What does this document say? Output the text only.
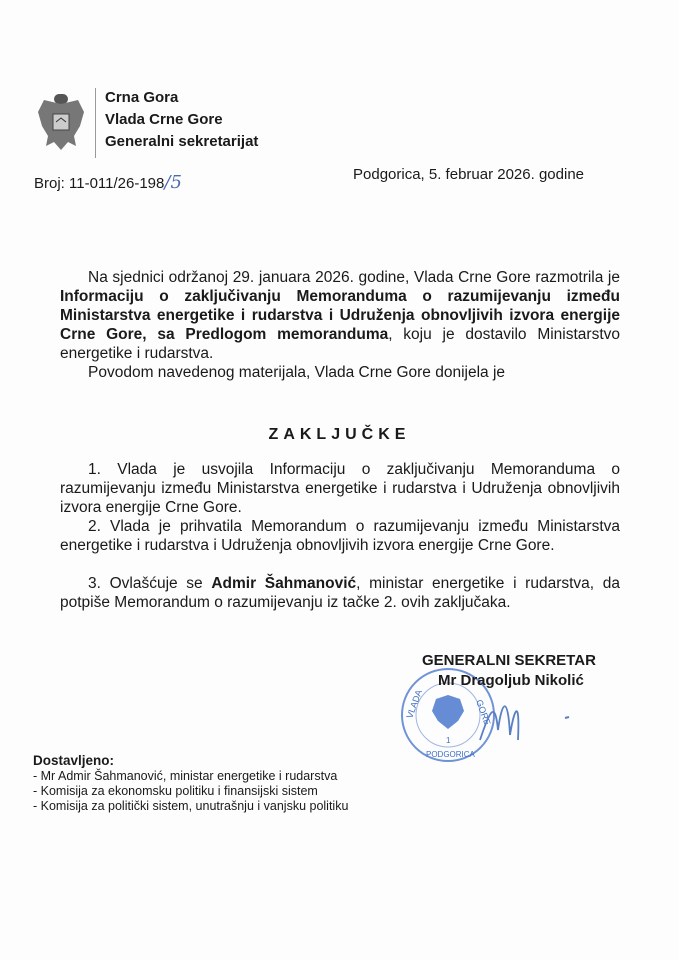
Crna Gora
Vlada Crne Gore
Generalni sekretarijat
Broj: 11-011/26-198/5	Podgorica, 5. februar 2026. godine
Na sjednici održanoj 29. januara 2026. godine, Vlada Crne Gore razmotrila je Informaciju o zaključivanju Memoranduma o razumijevanju između Ministarstva energetike i rudarstva i Udruženja obnovljivih izvora energije Crne Gore, sa Predlogom memoranduma, koju je dostavilo Ministarstvo energetike i rudarstva.
Povodom navedenog materijala, Vlada Crne Gore donijela je
ZAKLJUČKE
1. Vlada je usvojila Informaciju o zaključivanju Memoranduma o razumijevanju između Ministarstva energetike i rudarstva i Udruženja obnovljivih izvora energije Crne Gore.
2. Vlada je prihvatila Memorandum o razumijevanju između Ministarstva energetike i rudarstva i Udruženja obnovljivih izvora energije Crne Gore.
3. Ovlašćuje se Admir Šahmanović, ministar energetike i rudarstva, da potpiše Memorandum o razumijevanju iz tačke 2. ovih zaključaka.
VLADA	GORE
PODGORICA
1
GENERALNI SEKRETAR
Mr Dragoljub Nikolić
Dostavljeno:
- Mr Admir Šahmanović, ministar energetike i rudarstva
- Komisija za ekonomsku politiku i finansijski sistem
- Komisija za politički sistem, unutrašnju i vanjsku politiku
